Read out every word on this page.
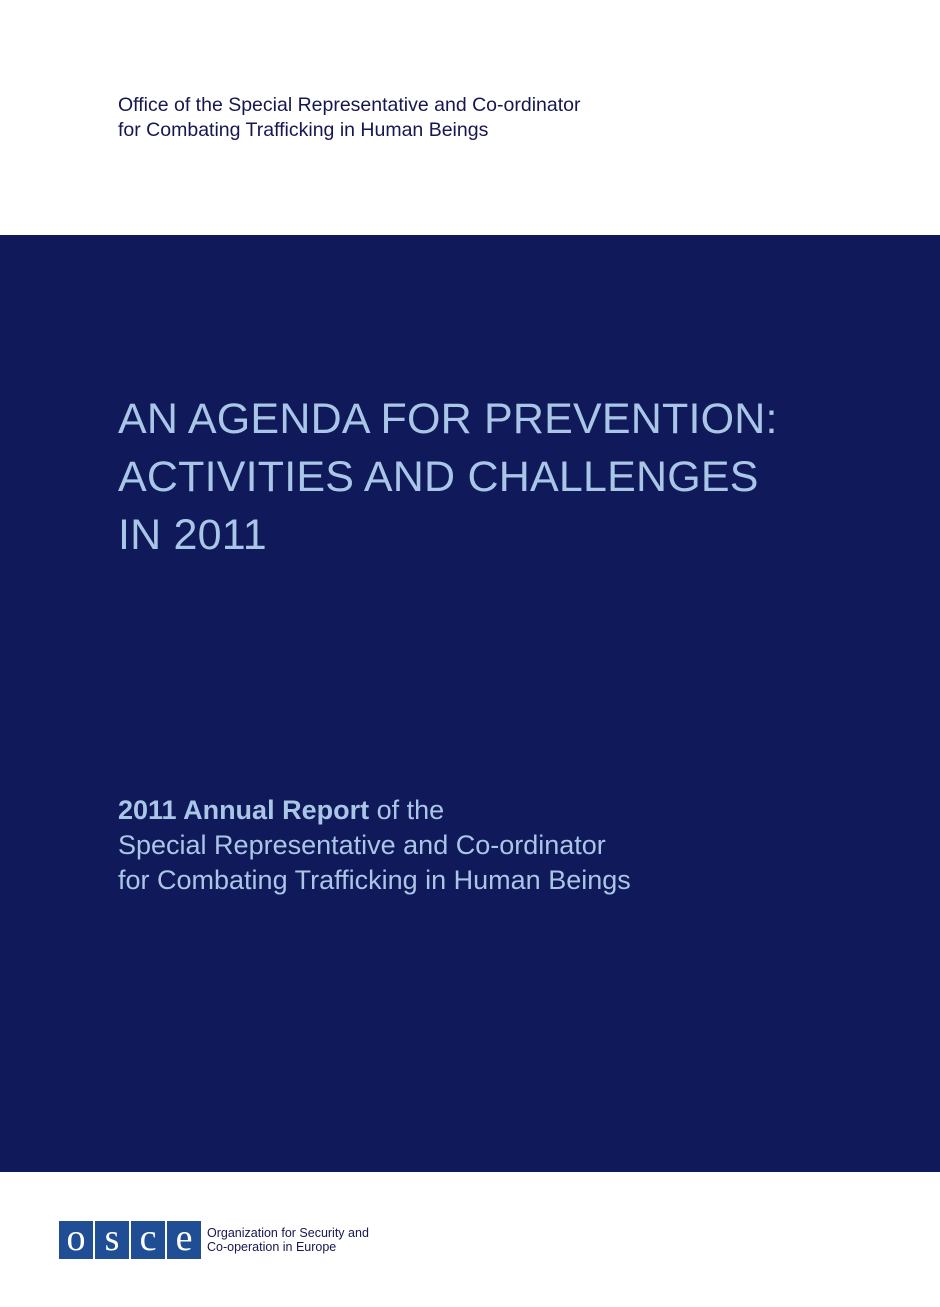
Office of the Special Representative and Co-ordinator
for Combating Trafficking in Human Beings
AN AGENDA FOR PREVENTION:
ACTIVITIES AND CHALLENGES
IN 2011
2011 Annual Report of the
Special Representative and Co-ordinator
for Combating Trafficking in Human Beings
o s c e	Organization for Security and
Co-operation in Europe
